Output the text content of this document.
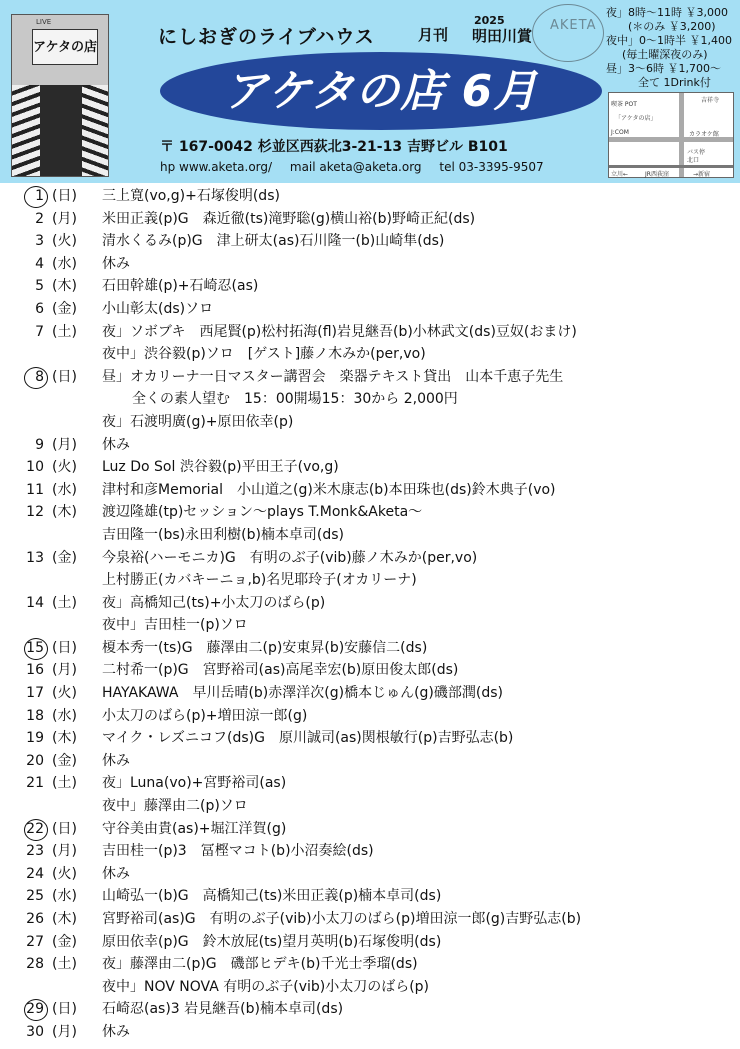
LIVE
アケタの店	にしおぎのライブハウス	月刊
2025
明田川賞
AKETA
アケタの店 6月
〒 167-0042 杉並区西荻北3-21-13 吉野ビル B101
hp www.aketa.org/ mail aketa@aketa.org tel 03-3395-9507
夜」8時〜11時 ￥3,000
(＊のみ ￥3,200)
夜中」0〜1時半 ￥1,400
(毎土曜深夜のみ)
昼」3〜6時 ￥1,700〜
全て 1Drink付
喫茶 POT
「アケタの店」
J:COM	カラオケ館
バス停
北口
立川←	JR西荻窪	→新宿
吉祥寺
1 (日) 三上寛(vo,g)+石塚俊明(ds)
2 (月) 米田正義(p)G　森近徹(ts)滝野聡(g)横山裕(b)野崎正紀(ds)
3 (火) 清水くるみ(p)G　津上研太(as)石川隆一(b)山崎隼(ds)
4 (水) 休み
5 (木) 石田幹雄(p)+石崎忍(as)
6 (金) 小山彰太(ds)ソロ
7 (土) 夜」ソボブキ　西尾賢(p)松村拓海(fl)岩見継吾(b)小林武文(ds)豆奴(おまけ)
夜中」渋谷毅(p)ソロ　[ゲスト]藤ノ木みか(per,vo)
8 (日) 昼」オカリーナ一日マスター講習会　楽器テキスト貸出　山本千恵子先生
全くの素人望む　15：00開場15：30から 2,000円
夜」石渡明廣(g)+原田依幸(p)
9 (月) 休み
10 (火) Luz Do Sol 渋谷毅(p)平田王子(vo,g)
11 (水) 津村和彦Memorial　小山道之(g)米木康志(b)本田珠也(ds)鈴木典子(vo)
12 (木) 渡辺隆雄(tp)セッション〜plays T.Monk&Aketa〜
吉田隆一(bs)永田利樹(b)楠本卓司(ds)
13 (金) 今泉裕(ハーモニカ)G　有明のぶ子(vib)藤ノ木みか(per,vo)
上村勝正(カバキーニョ,b)名児耶玲子(オカリーナ)
14 (土) 夜」高橋知己(ts)+小太刀のばら(p)
夜中」吉田桂一(p)ソロ
15 (日) 榎本秀一(ts)G　藤澤由二(p)安東昇(b)安藤信二(ds)
16 (月) 二村希一(p)G　宮野裕司(as)高尾幸宏(b)原田俊太郎(ds)
17 (火) HAYAKAWA　早川岳晴(b)赤澤洋次(g)橋本じゅん(g)磯部潤(ds)
18 (水) 小太刀のばら(p)+増田涼一郎(g)
19 (木) マイク・レズニコフ(ds)G　原川誠司(as)関根敏行(p)吉野弘志(b)
20 (金) 休み
21 (土) 夜」Luna(vo)+宮野裕司(as)
夜中」藤澤由二(p)ソロ
22 (日) 守谷美由貴(as)+堀江洋賀(g)
23 (月) 吉田桂一(p)3　冨樫マコト(b)小沼奏絵(ds)
24 (火) 休み
25 (水) 山崎弘一(b)G　高橋知己(ts)米田正義(p)楠本卓司(ds)
26 (木) 宮野裕司(as)G　有明のぶ子(vib)小太刀のばら(p)増田涼一郎(g)吉野弘志(b)
27 (金) 原田依幸(p)G　鈴木放屁(ts)望月英明(b)石塚俊明(ds)
28 (土) 夜」藤澤由二(p)G　磯部ヒデキ(b)千光士季瑠(ds)
夜中」NOV NOVA 有明のぶ子(vib)小太刀のばら(p)
29 (日) 石崎忍(as)3 岩見継吾(b)楠本卓司(ds)
30 (月) 休み
